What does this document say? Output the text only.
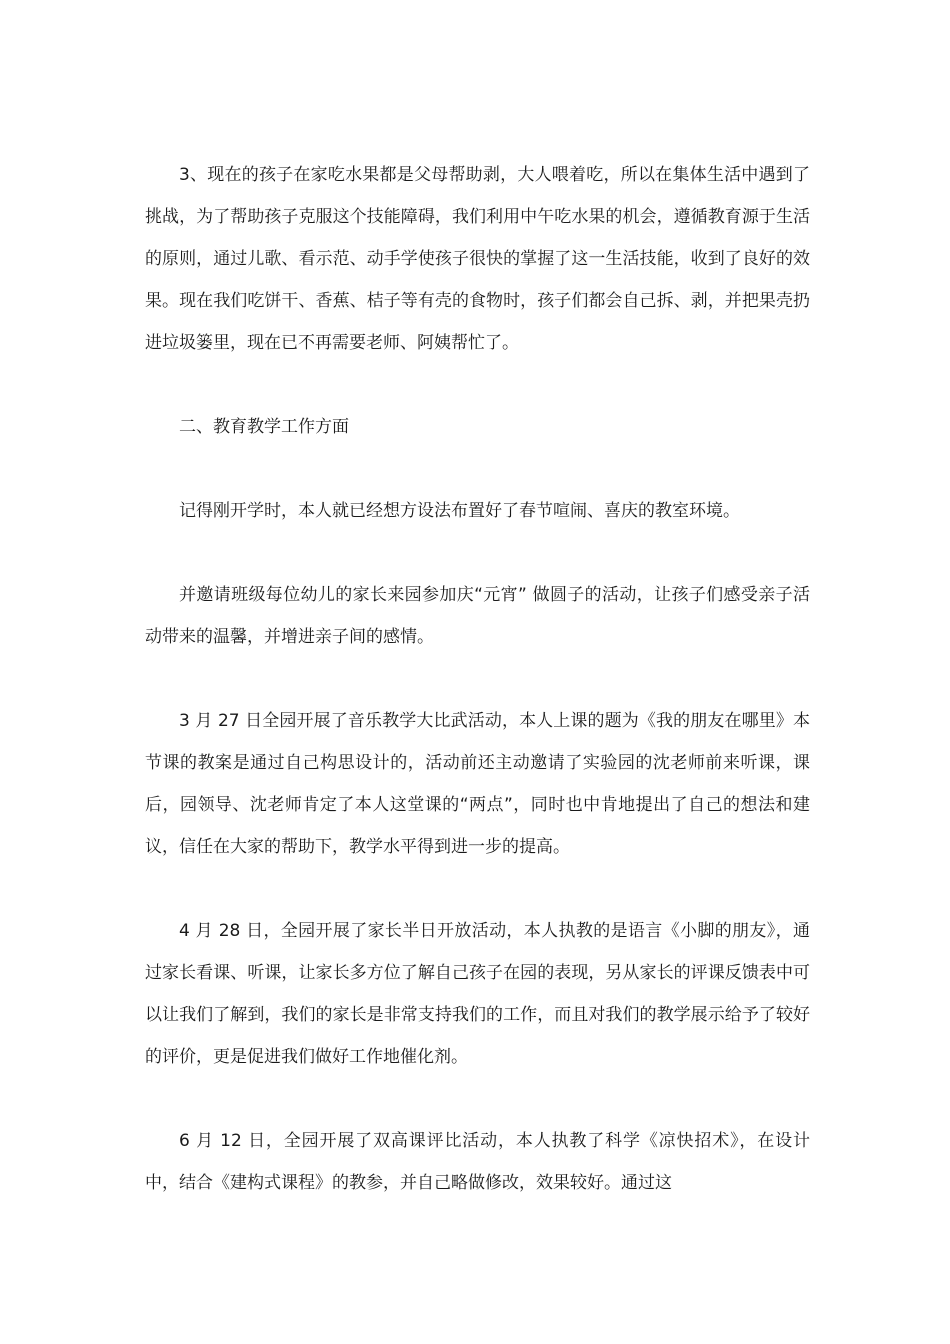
3、现在的孩子在家吃水果都是父母帮助剥，大人喂着吃，所以在集体生活中遇到了挑战，为了帮助孩子克服这个技能障碍，我们利用中午吃水果的机会，遵循教育源于生活的原则，通过儿歌、看示范、动手学使孩子很快的掌握了这一生活技能，收到了良好的效果。现在我们吃饼干、香蕉、桔子等有壳的食物时，孩子们都会自己拆、剥，并把果壳扔进垃圾篓里，现在已不再需要老师、阿姨帮忙了。

二、教育教学工作方面

记得刚开学时，本人就已经想方设法布置好了春节喧闹、喜庆的教室环境。

并邀请班级每位幼儿的家长来园参加庆“元宵” 做圆子的活动，让孩子们感受亲子活动带来的温馨，并增进亲子间的感情。

3 月 27 日全园开展了音乐教学大比武活动，本人上课的题为《我的朋友在哪里》本节课的教案是通过自己构思设计的，活动前还主动邀请了实验园的沈老师前来听课，课后，园领导、沈老师肯定了本人这堂课的“两点”，同时也中肯地提出了自己的想法和建议，信任在大家的帮助下，教学水平得到进一步的提高。

4 月 28 日，全园开展了家长半日开放活动，本人执教的是语言《小脚的朋友》，通过家长看课、听课，让家长多方位了解自己孩子在园的表现，另从家长的评课反馈表中可以让我们了解到，我们的家长是非常支持我们的工作，而且对我们的教学展示给予了较好的评价，更是促进我们做好工作地催化剂。

6 月 12 日，全园开展了双高课评比活动，本人执教了科学《凉快招术》，在设计中，结合《建构式课程》的教参，并自己略做修改，效果较好。通过这
